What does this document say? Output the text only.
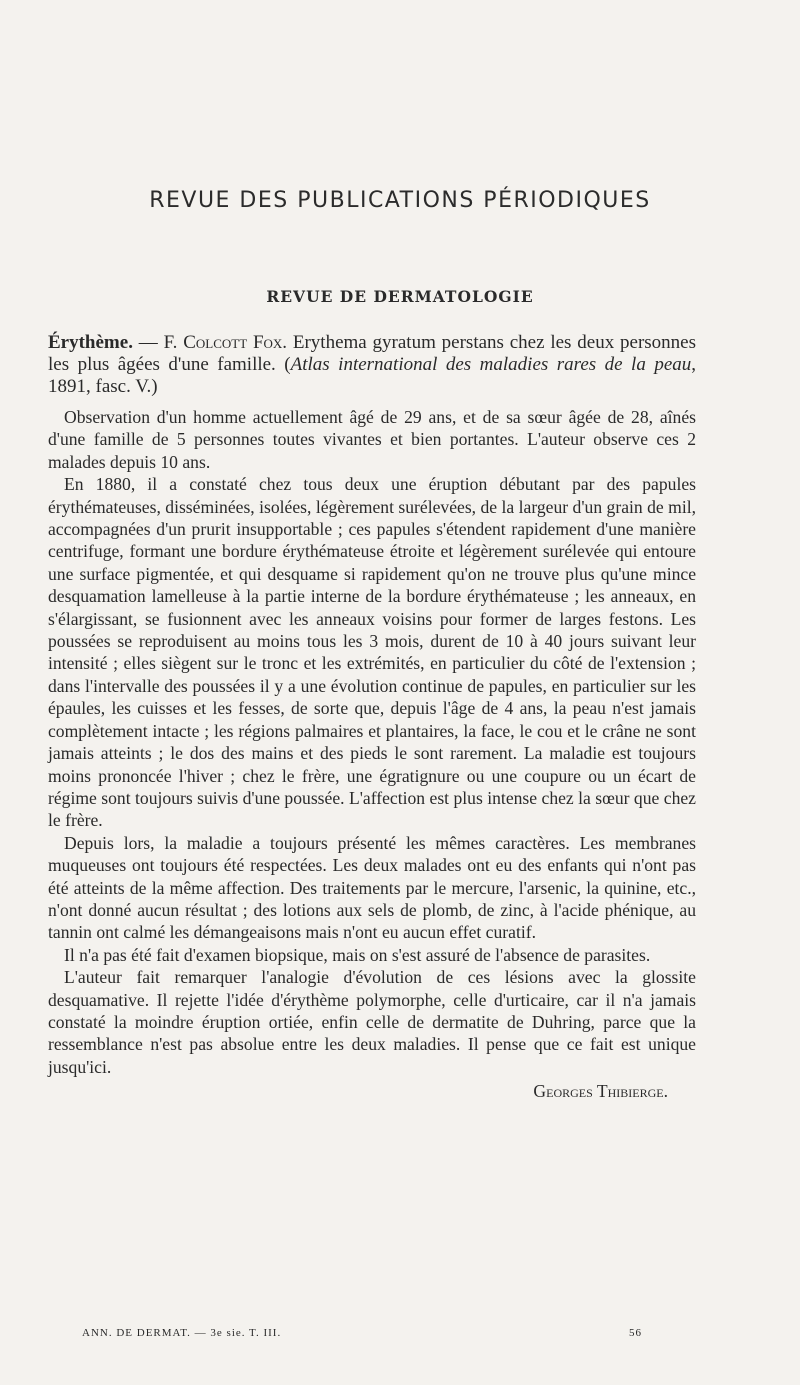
REVUE DES PUBLICATIONS PÉRIODIQUES
REVUE DE DERMATOLOGIE
Érythème. — F. Colcott Fox. Erythema gyratum perstans chez les deux personnes les plus âgées d'une famille. (Atlas international des maladies rares de la peau, 1891, fasc. V.)

Observation d'un homme actuellement âgé de 29 ans, et de sa sœur âgée de 28, aînés d'une famille de 5 personnes toutes vivantes et bien portantes. L'auteur observe ces 2 malades depuis 10 ans.

En 1880, il a constaté chez tous deux une éruption débutant par des papules érythémateuses, disséminées, isolées, légèrement surélevées, de la largeur d'un grain de mil, accompagnées d'un prurit insupportable ; ces papules s'étendent rapidement d'une manière centrifuge, formant une bordure érythémateuse étroite et légèrement surélevée qui entoure une surface pigmentée, et qui desquame si rapidement qu'on ne trouve plus qu'une mince desquamation lamelleuse à la partie interne de la bordure érythémateuse ; les anneaux, en s'élargissant, se fusionnent avec les anneaux voisins pour former de larges festons. Les poussées se reproduisent au moins tous les 3 mois, durent de 10 à 40 jours suivant leur intensité ; elles siègent sur le tronc et les extrémités, en particulier du côté de l'extension ; dans l'intervalle des poussées il y a une évolution continue de papules, en particulier sur les épaules, les cuisses et les fesses, de sorte que, depuis l'âge de 4 ans, la peau n'est jamais complètement intacte ; les régions palmaires et plantaires, la face, le cou et le crâne ne sont jamais atteints ; le dos des mains et des pieds le sont rarement. La maladie est toujours moins prononcée l'hiver ; chez le frère, une égratignure ou une coupure ou un écart de régime sont toujours suivis d'une poussée. L'affection est plus intense chez la sœur que chez le frère.

Depuis lors, la maladie a toujours présenté les mêmes caractères. Les membranes muqueuses ont toujours été respectées. Les deux malades ont eu des enfants qui n'ont pas été atteints de la même affection. Des traitements par le mercure, l'arsenic, la quinine, etc., n'ont donné aucun résultat ; des lotions aux sels de plomb, de zinc, à l'acide phénique, au tannin ont calmé les démangeaisons mais n'ont eu aucun effet curatif.

Il n'a pas été fait d'examen biopsique, mais on s'est assuré de l'absence de parasites.

L'auteur fait remarquer l'analogie d'évolution de ces lésions avec la glossite desquamative. Il rejette l'idée d'érythème polymorphe, celle d'urticaire, car il n'a jamais constaté la moindre éruption ortiée, enfin celle de dermatite de Duhring, parce que la ressemblance n'est pas absolue entre les deux maladies. Il pense que ce fait est unique jusqu'ici.

Georges Thibierge.
ANN. DE DERMAT. — 3e sie. T. III.	56
